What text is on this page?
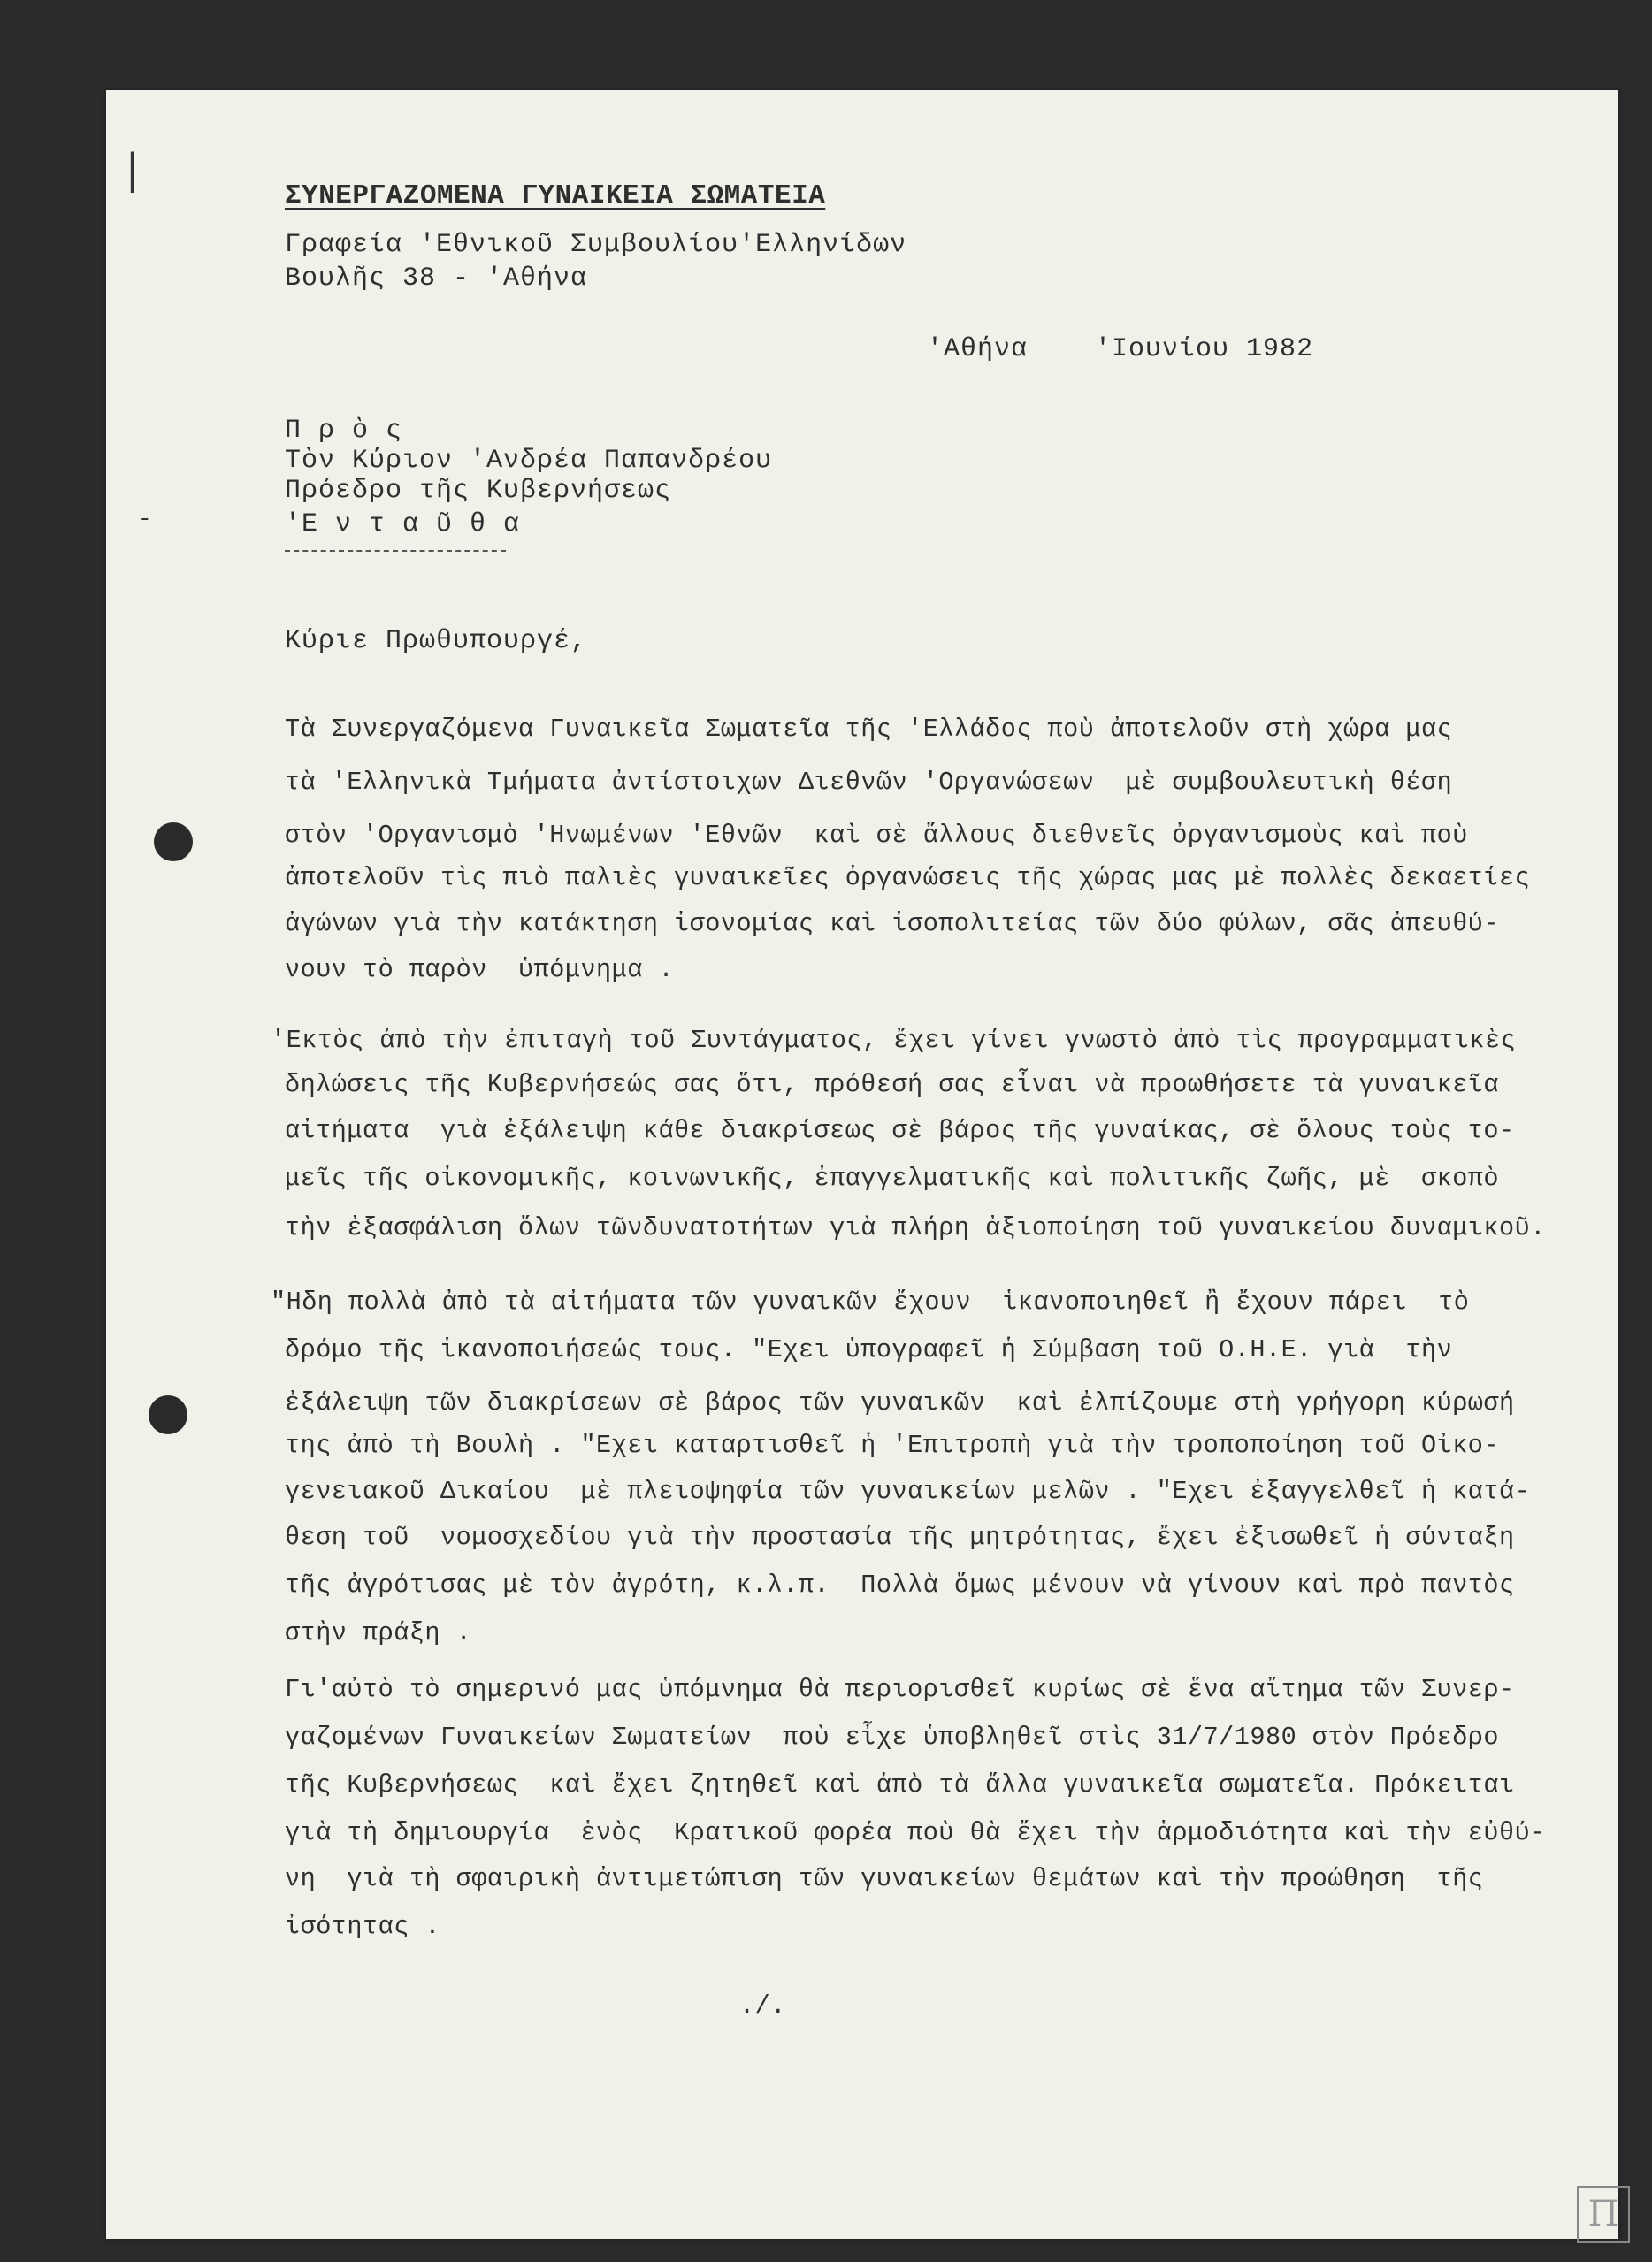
|
-
ΣΥΝΕΡΓΑΖΟΜΕΝΑ ΓΥΝΑΙΚΕΙΑ ΣΩΜΑΤΕΙΑ
Γραφεία 'Εθνικοῦ Συμβουλίου'Ελληνίδων
Βουλῆς 38 - 'Αθήνα
'Αθήνα    'Ιουνίου 1982
Π ρ ὸ ς
Τὸν Κύριον 'Ανδρέα Παπανδρέου
Πρόεδρο τῆς Κυβερνήσεως
'Ε ν τ α ῦ θ α
Κύριε Πρωθυπουργέ,
Τὰ Συνεργαζόμενα Γυναικεῖα Σωματεῖα τῆς 'Ελλάδος ποὺ ἀποτελοῦν στὴ χώρα μας
τὰ 'Ελληνικὰ Τμήματα ἀντίστοιχων Διεθνῶν 'Οργανώσεων  μὲ συμβουλευτικὴ θέση
στὸν 'Οργανισμὸ 'Ηνωμένων 'Εθνῶν  καὶ σὲ ἄλλους διεθνεῖς ὀργανισμοὺς καὶ ποὺ
ἀποτελοῦν τὶς πιὸ παλιὲς γυναικεῖες ὀργανώσεις τῆς χώρας μας μὲ πολλὲς δεκαετίες
ἀγώνων γιὰ τὴν κατάκτηση ἰσονομίας καὶ ἰσοπολιτείας τῶν δύο φύλων, σᾶς ἀπευθύ-
νουν τὸ παρὸν  ὑπόμνημα .
'Εκτὸς ἀπὸ τὴν ἐπιταγὴ τοῦ Συντάγματος, ἔχει γίνει γνωστὸ ἀπὸ τὶς προγραμματικὲς
δηλώσεις τῆς Κυβερνήσεώς σας ὅτι, πρόθεσή σας εἶναι νὰ προωθήσετε τὰ γυναικεῖα
αἰτήματα  γιὰ ἐξάλειψη κάθε διακρίσεως σὲ βάρος τῆς γυναίκας, σὲ ὅλους τοὺς το-
μεῖς τῆς οἰκονομικῆς, κοινωνικῆς, ἐπαγγελματικῆς καὶ πολιτικῆς ζωῆς, μὲ  σκοπὸ
τὴν ἐξασφάλιση ὅλων τῶνδυνατοτήτων γιὰ πλήρη ἀξιοποίηση τοῦ γυναικείου δυναμικοῦ.
"Ηδη πολλὰ ἀπὸ τὰ αἰτήματα τῶν γυναικῶν ἔχουν  ἱκανοποιηθεῖ ἢ ἔχουν πάρει  τὸ
δρόμο τῆς ἱκανοποιήσεώς τους. "Εχει ὑπογραφεῖ ἡ Σύμβαση τοῦ Ο.Η.Ε. γιὰ  τὴν
ἐξάλειψη τῶν διακρίσεων σὲ βάρος τῶν γυναικῶν  καὶ ἐλπίζουμε στὴ γρήγορη κύρωσή
της ἀπὸ τὴ Βουλὴ . "Εχει καταρτισθεῖ ἡ 'Επιτροπὴ γιὰ τὴν τροποποίηση τοῦ Οἰκο-
γενειακοῦ Δικαίου  μὲ πλειοψηφία τῶν γυναικείων μελῶν . "Εχει ἐξαγγελθεῖ ἡ κατά-
θεση τοῦ  νομοσχεδίου γιὰ τὴν προστασία τῆς μητρότητας, ἔχει ἐξισωθεῖ ἡ σύνταξη
τῆς ἀγρότισας μὲ τὸν ἀγρότη, κ.λ.π.  Πολλὰ ὅμως μένουν νὰ γίνουν καὶ πρὸ παντὸς
στὴν πράξη .
Γι'αὐτὸ τὸ σημερινό μας ὑπόμνημα θὰ περιορισθεῖ κυρίως σὲ ἕνα αἴτημα τῶν Συνερ-
γαζομένων Γυναικείων Σωματείων  ποὺ εἶχε ὑποβληθεῖ στὶς 31/7/1980 στὸν Πρόεδρο
τῆς Κυβερνήσεως  καὶ ἔχει ζητηθεῖ καὶ ἀπὸ τὰ ἄλλα γυναικεῖα σωματεῖα. Πρόκειται
γιὰ τὴ δημιουργία  ἑνὸς  Κρατικοῦ φορέα ποὺ θὰ ἔχει τὴν ἁρμοδιότητα καὶ τὴν εὐθύ-
νη  γιὰ τὴ σφαιρικὴ ἀντιμετώπιση τῶν γυναικείων θεμάτων καὶ τὴν προώθηση  τῆς
ἰσότητας .
./.
Π
